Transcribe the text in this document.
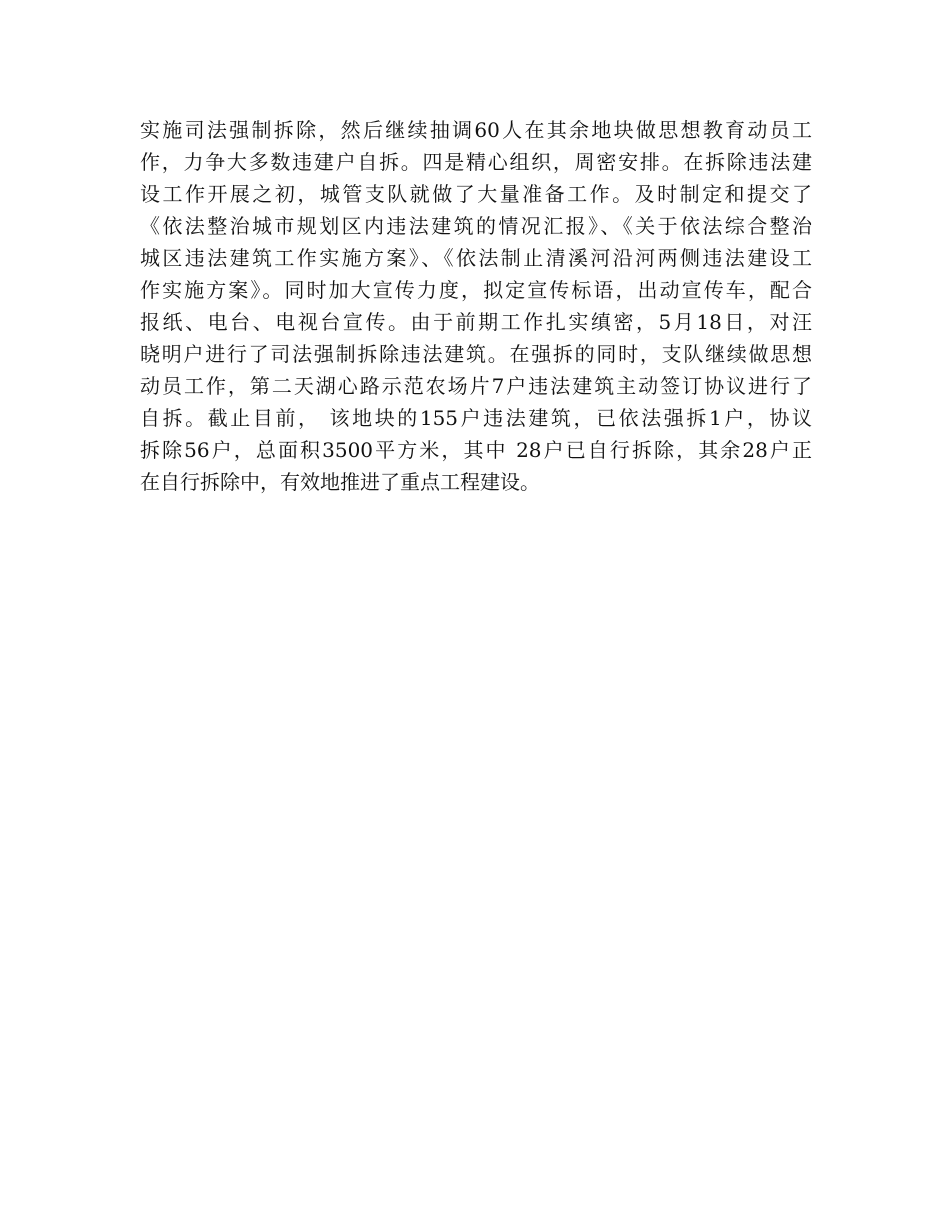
实施司法强制拆除，然后继续抽调60人在其余地块做思想教育动员工
作，力争大多数违建户自拆。四是精心组织，周密安排。在拆除违法建
设工作开展之初，城管支队就做了大量准备工作。及时制定和提交了
《依法整治城市规划区内违法建筑的情况汇报》、《关于依法综合整治
城区违法建筑工作实施方案》、《依法制止清溪河沿河两侧违法建设工
作实施方案》。同时加大宣传力度，拟定宣传标语，出动宣传车，配合
报纸、电台、电视台宣传。由于前期工作扎实缜密，5月18日，对汪
晓明户进行了司法强制拆除违法建筑。在强拆的同时，支队继续做思想
动员工作，第二天湖心路示范农场片7户违法建筑主动签订协议进行了
自拆。截止目前， 该地块的155户违法建筑，已依法强拆1户，协议
拆除56户，总面积3500平方米，其中 28户已自行拆除，其余28户正
在自行拆除中，有效地推进了重点工程建设。
